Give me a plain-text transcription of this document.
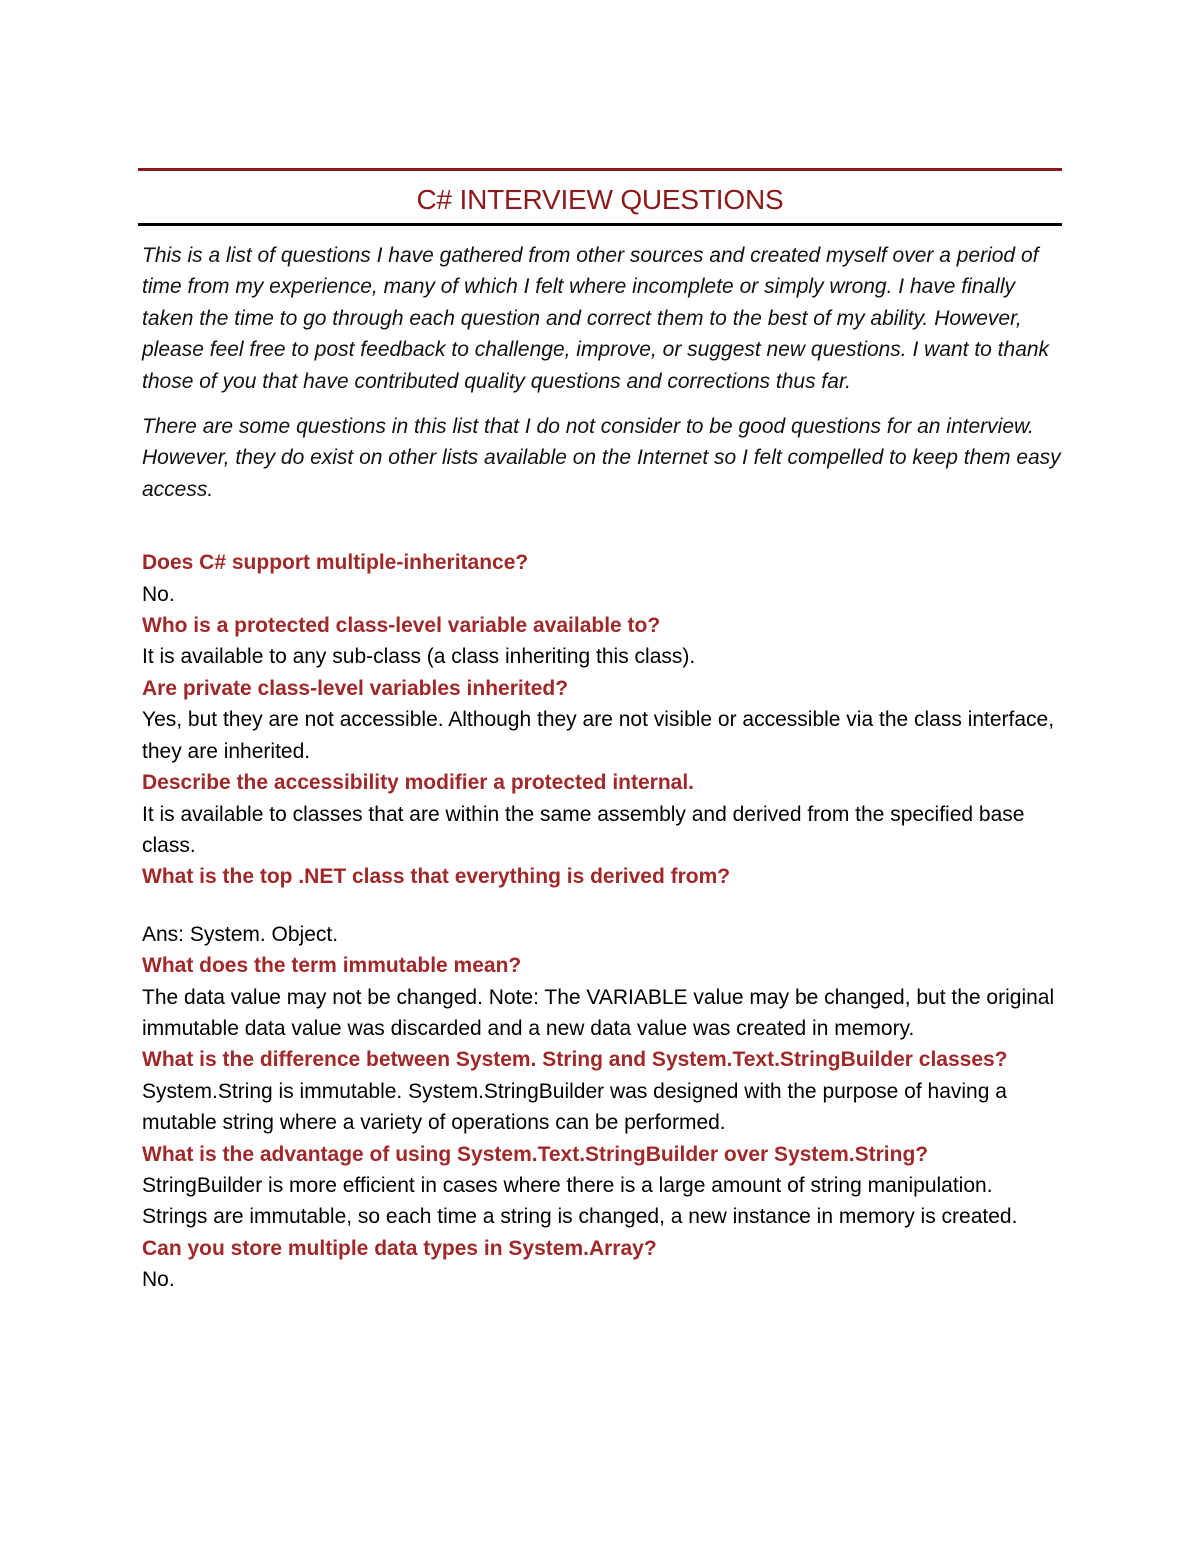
C# INTERVIEW QUESTIONS

This is a list of questions I have gathered from other sources and created myself over a period of time from my experience, many of which I felt where incomplete or simply wrong. I have finally taken the time to go through each question and correct them to the best of my ability. However, please feel free to post feedback to challenge, improve, or suggest new questions. I want to thank those of you that have contributed quality questions and corrections thus far.

There are some questions in this list that I do not consider to be good questions for an interview. However, they do exist on other lists available on the Internet so I felt compelled to keep them easy access.

Does C# support multiple-inheritance?

No.

Who is a protected class-level variable available to?

It is available to any sub-class (a class inheriting this class).

Are private class-level variables inherited?

Yes, but they are not accessible. Although they are not visible or accessible via the class interface, they are inherited.

Describe the accessibility modifier a protected internal.

It is available to classes that are within the same assembly and derived from the specified base class.

What is the top .NET class that everything is derived from?

Ans: System. Object.

What does the term immutable mean?

The data value may not be changed. Note: The VARIABLE value may be changed, but the original immutable data value was discarded and a new data value was created in memory.

What is the difference between System. String and System.Text.StringBuilder classes?

System.String is immutable. System.StringBuilder was designed with the purpose of having a mutable string where a variety of operations can be performed.

What is the advantage of using System.Text.StringBuilder over System.String?

StringBuilder is more efficient in cases where there is a large amount of string manipulation. Strings are immutable, so each time a string is changed, a new instance in memory is created.

Can you store multiple data types in System.Array?

No.
